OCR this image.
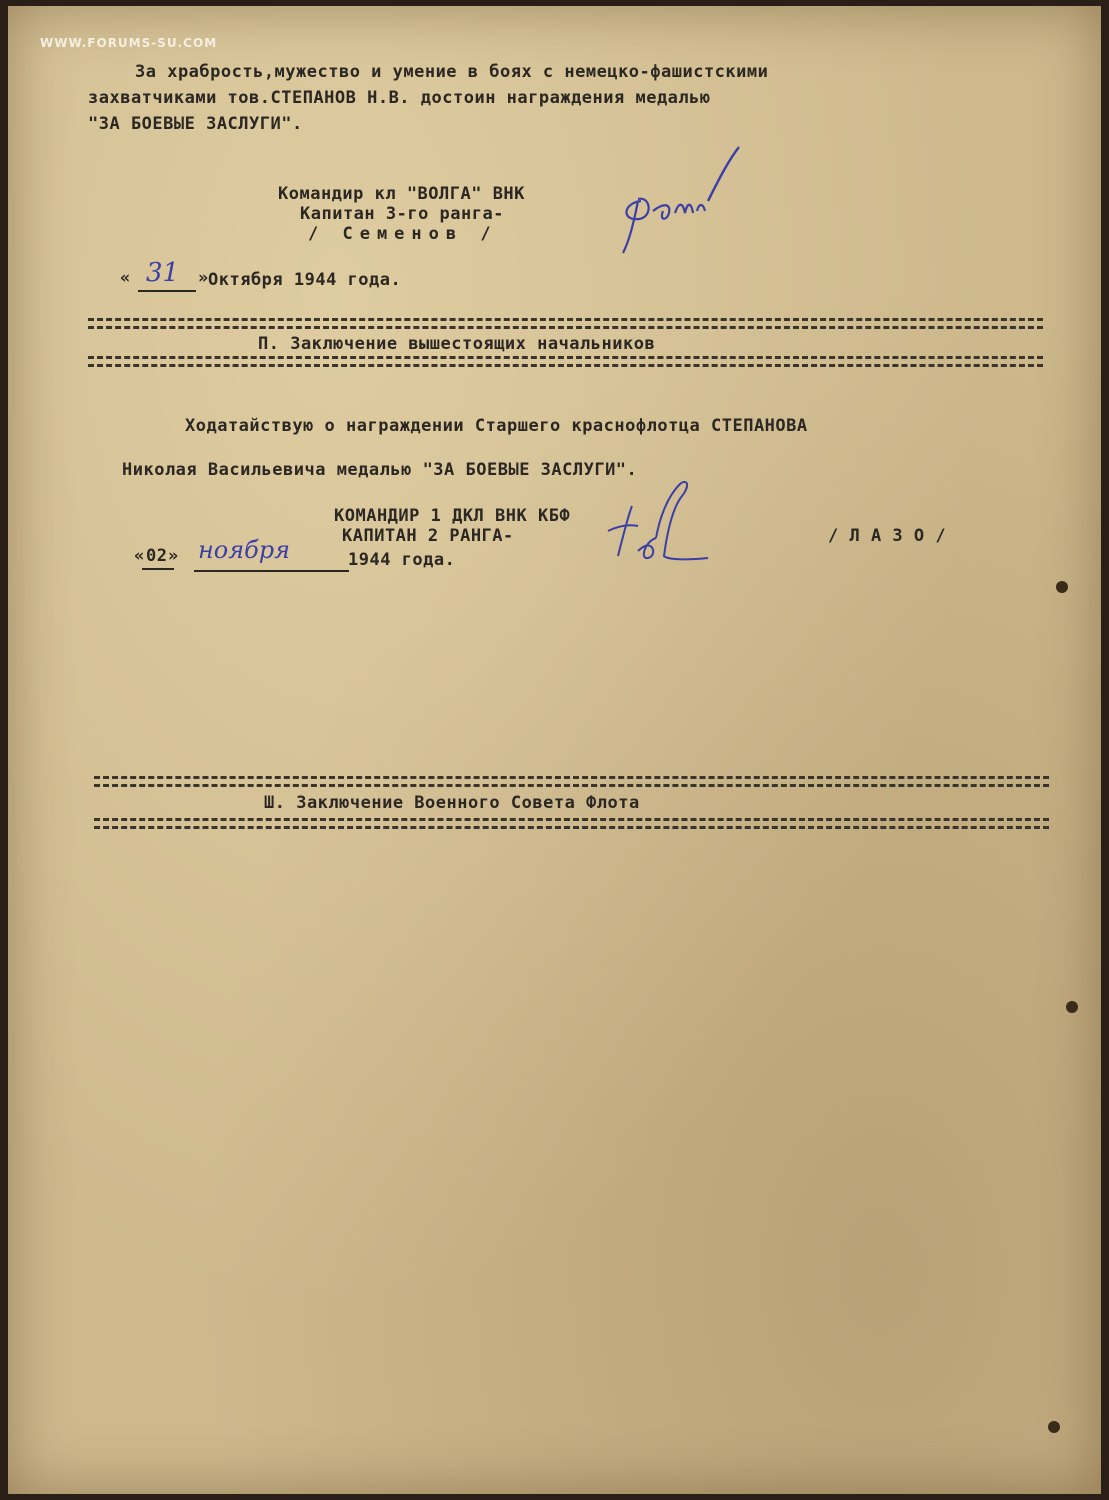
WWW.FORUMS-SU.COM
За храбрость,мужество и умение в боях с немецко-фашистскими
захватчиками тов.СТЕПАНОВ Н.В. достоин награждения медалью
"ЗА БОЕВЫЕ ЗАСЛУГИ".
Командир кл "ВОЛГА" ВНК
Капитан 3-го ранга-
/ Семенов /
« 31 » Октября 1944 года.
П. Заключение вышестоящих начальников
Ходатайствую о награждении Старшего краснофлотца СТЕПАНОВА
Николая Васильевича медалью "ЗА БОЕВЫЕ ЗАСЛУГИ".
КОМАНДИР 1 ДКЛ ВНК КБФ
КАПИТАН 2 РАНГА-	/ Л А З О /
« 02 » ноября	1944 года.
Ш. Заключение Военного Совета Флота
